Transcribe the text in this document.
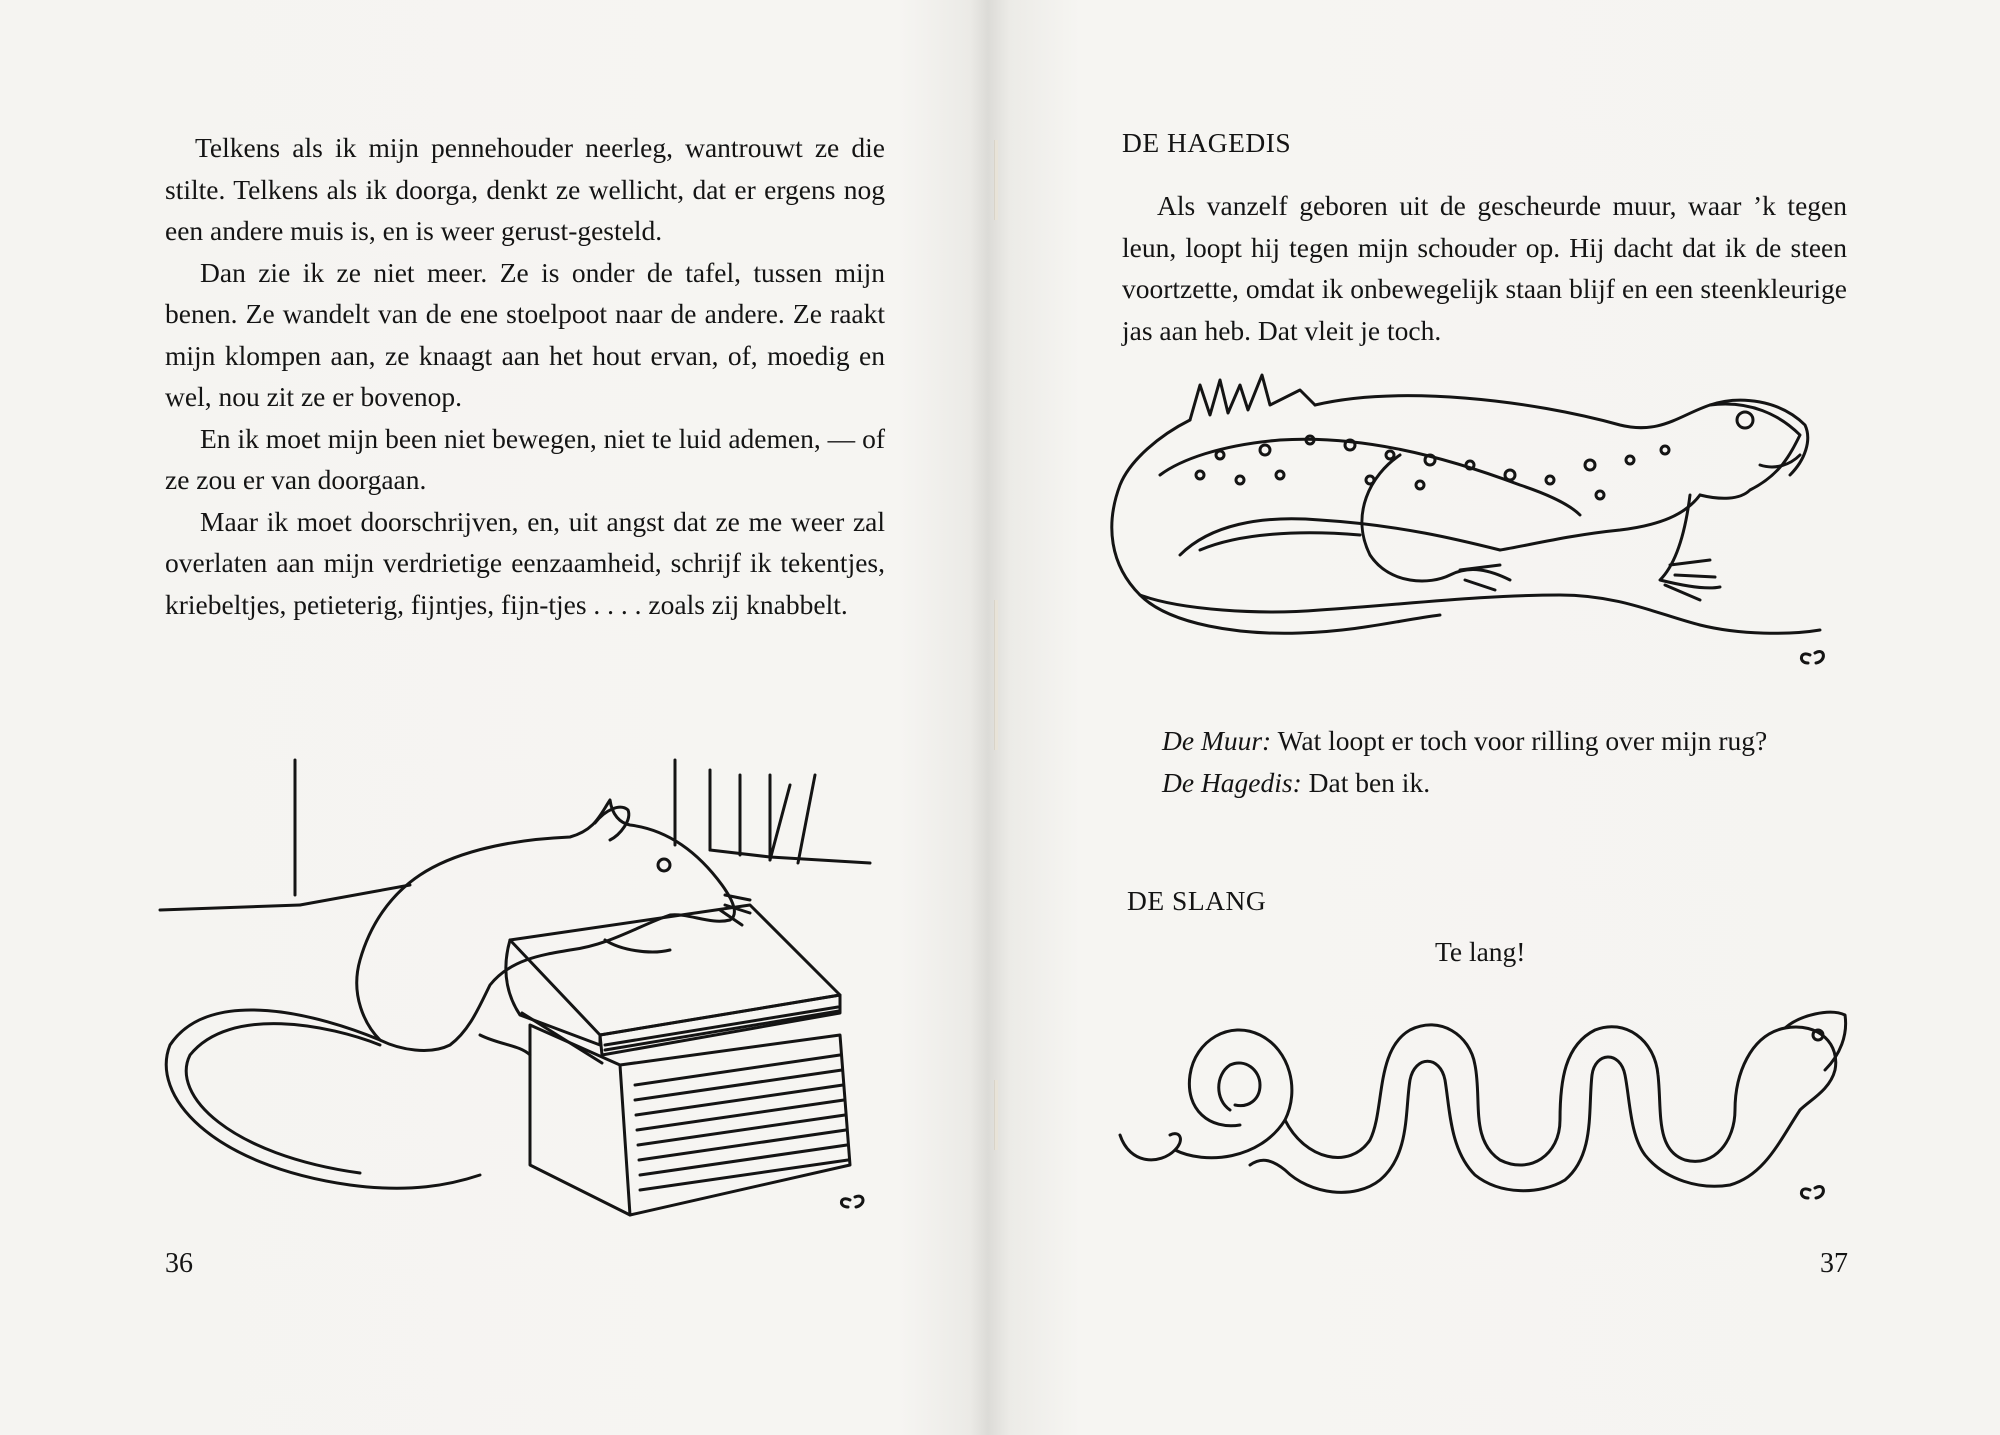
Telkens als ik mijn pennehouder neerleg, wantrouwt ze die stilte. Telkens als ik doorga, denkt ze wellicht, dat er ergens nog een andere muis is, en is weer gerust-gesteld.

Dan zie ik ze niet meer. Ze is onder de tafel, tussen mijn benen. Ze wandelt van de ene stoelpoot naar de andere. Ze raakt mijn klompen aan, ze knaagt aan het hout ervan, of, moedig en wel, nou zit ze er bovenop.

En ik moet mijn been niet bewegen, niet te luid ademen, — of ze zou er van doorgaan.

Maar ik moet doorschrijven, en, uit angst dat ze me weer zal overlaten aan mijn verdrietige eenzaamheid, schrijf ik tekentjes, kriebeltjes, petieterig, fijntjes, fijn-tjes . . . . zoals zij knabbelt.

36
DE HAGEDIS

Als vanzelf geboren uit de gescheurde muur, waar ’k tegen leun, loopt hij tegen mijn schouder op. Hij dacht dat ik de steen voortzette, omdat ik onbewegelijk staan blijf en een steenkleurige jas aan heb. Dat vleit je toch.

De Muur: Wat loopt er toch voor rilling over mijn rug?

De Hagedis: Dat ben ik.

DE SLANG
Te lang!
37
